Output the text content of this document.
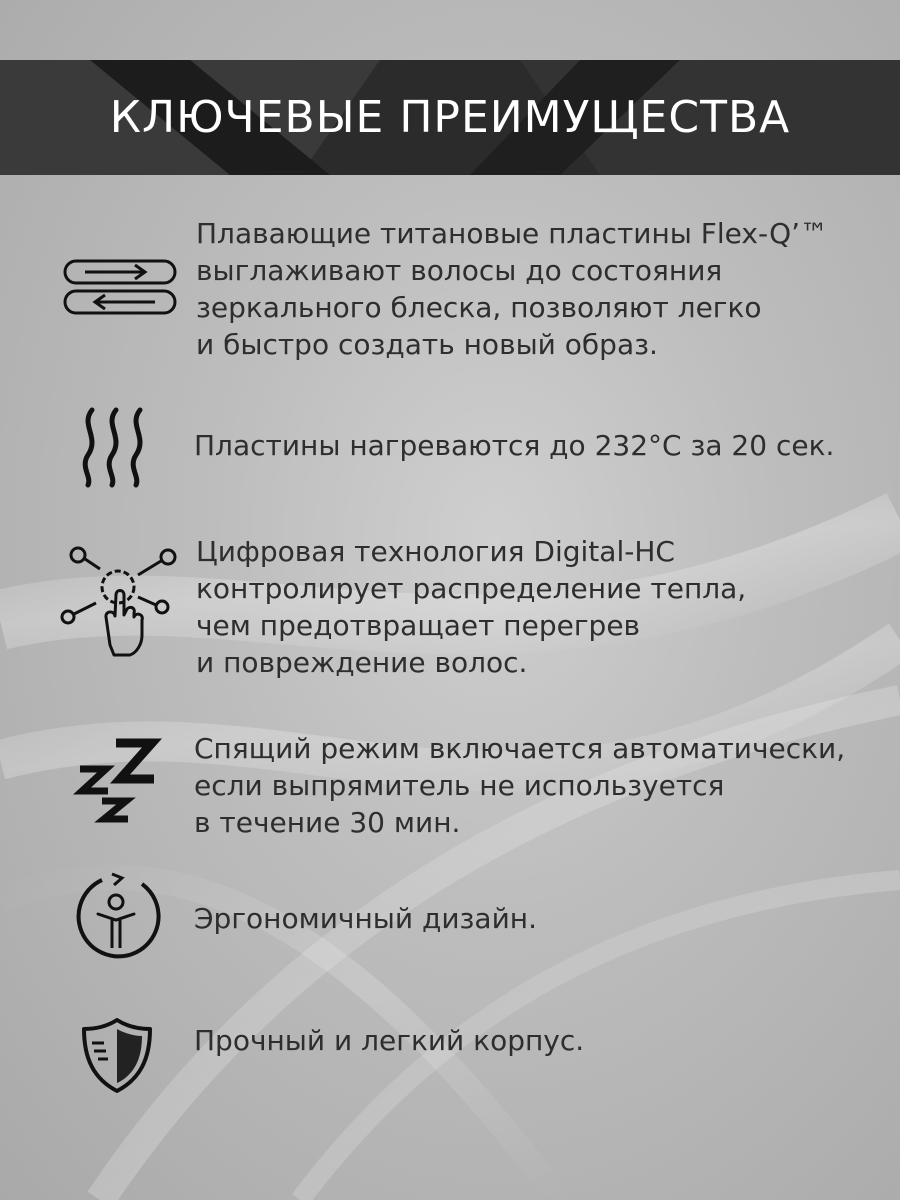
КЛЮЧЕВЫЕ ПРЕИМУЩЕСТВА
Плавающие титановые пластины Flex-Q’™
выглаживают волосы до состояния
зеркального блеска, позволяют легко
и быстро создать новый образ.
Пластины нагреваются до 232°С за 20 сек.
Цифровая технология Digital-HC
контролирует распределение тепла,
чем предотвращает перегрев
и повреждение волос.
Спящий режим включается автоматически,
если выпрямитель не используется
в течение 30 мин.
Эргономичный дизайн.
Прочный и легкий корпус.
